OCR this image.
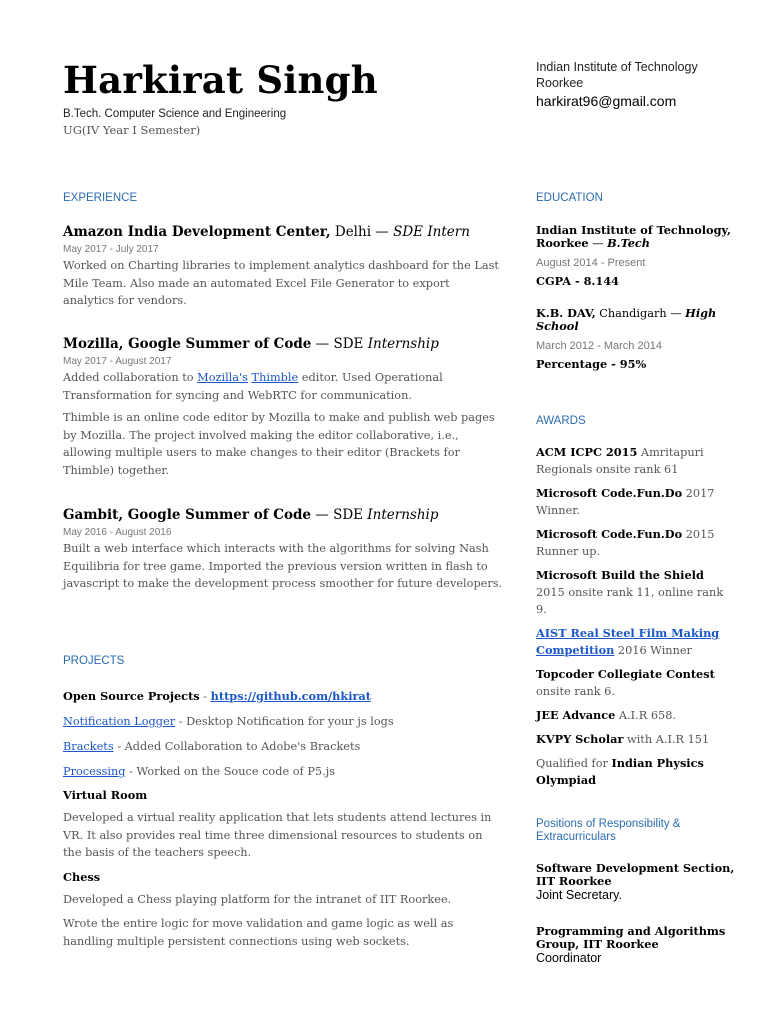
Harkirat Singh
B.Tech. Computer Science and Engineering
UG(IV Year I Semester)
Indian Institute of Technology Roorkee
harkirat96@gmail.com
EXPERIENCE
Amazon India Development Center, Delhi — SDE Intern
May 2017 - July 2017
Worked on Charting libraries to implement analytics dashboard for the Last Mile Team. Also made an automated Excel File Generator to export analytics for vendors.
Mozilla, Google Summer of Code — SDE Internship
May 2017 - August 2017
Added collaboration to Mozilla's Thimble editor. Used Operational Transformation for syncing and WebRTC for communication.
Thimble is an online code editor by Mozilla to make and publish web pages by Mozilla. The project involved making the editor collaborative, i.e., allowing multiple users to make changes to their editor (Brackets for Thimble) together.
Gambit, Google Summer of Code — SDE Internship
May 2016 - August 2016
Built a web interface which interacts with the algorithms for solving Nash Equilibria for tree game. Imported the previous version written in flash to javascript to make the development process smoother for future developers.
PROJECTS
Open Source Projects - https://github.com/hkirat
Notification Logger - Desktop Notification for your js logs
Brackets - Added Collaboration to Adobe's Brackets
Processing - Worked on the Souce code of P5.js
Virtual Room
Developed a virtual reality application that lets students attend lectures in VR. It also provides real time three dimensional resources to students on the basis of the teachers speech.
Chess
Developed a Chess playing platform for the intranet of IIT Roorkee.
Wrote the entire logic for move validation and game logic as well as handling multiple persistent connections using web sockets.
EDUCATION
Indian Institute of Technology, Roorkee — B.Tech
August 2014 - Present
CGPA - 8.144
K.B. DAV, Chandigarh — High School
March 2012 - March 2014
Percentage - 95%
AWARDS
ACM ICPC 2015 Amritapuri Regionals onsite rank 61
Microsoft Code.Fun.Do 2017 Winner.
Microsoft Code.Fun.Do 2015 Runner up.
Microsoft Build the Shield 2015 onsite rank 11, online rank 9.
AIST Real Steel Film Making Competition 2016 Winner
Topcoder Collegiate Contest onsite rank 6.
JEE Advance A.I.R 658.
KVPY Scholar with A.I.R 151
Qualified for Indian Physics Olympiad
Positions of Responsibility & Extracurriculars
Software Development Section, IIT Roorkee
Joint Secretary.
Programming and Algorithms Group, IIT Roorkee
Coordinator
